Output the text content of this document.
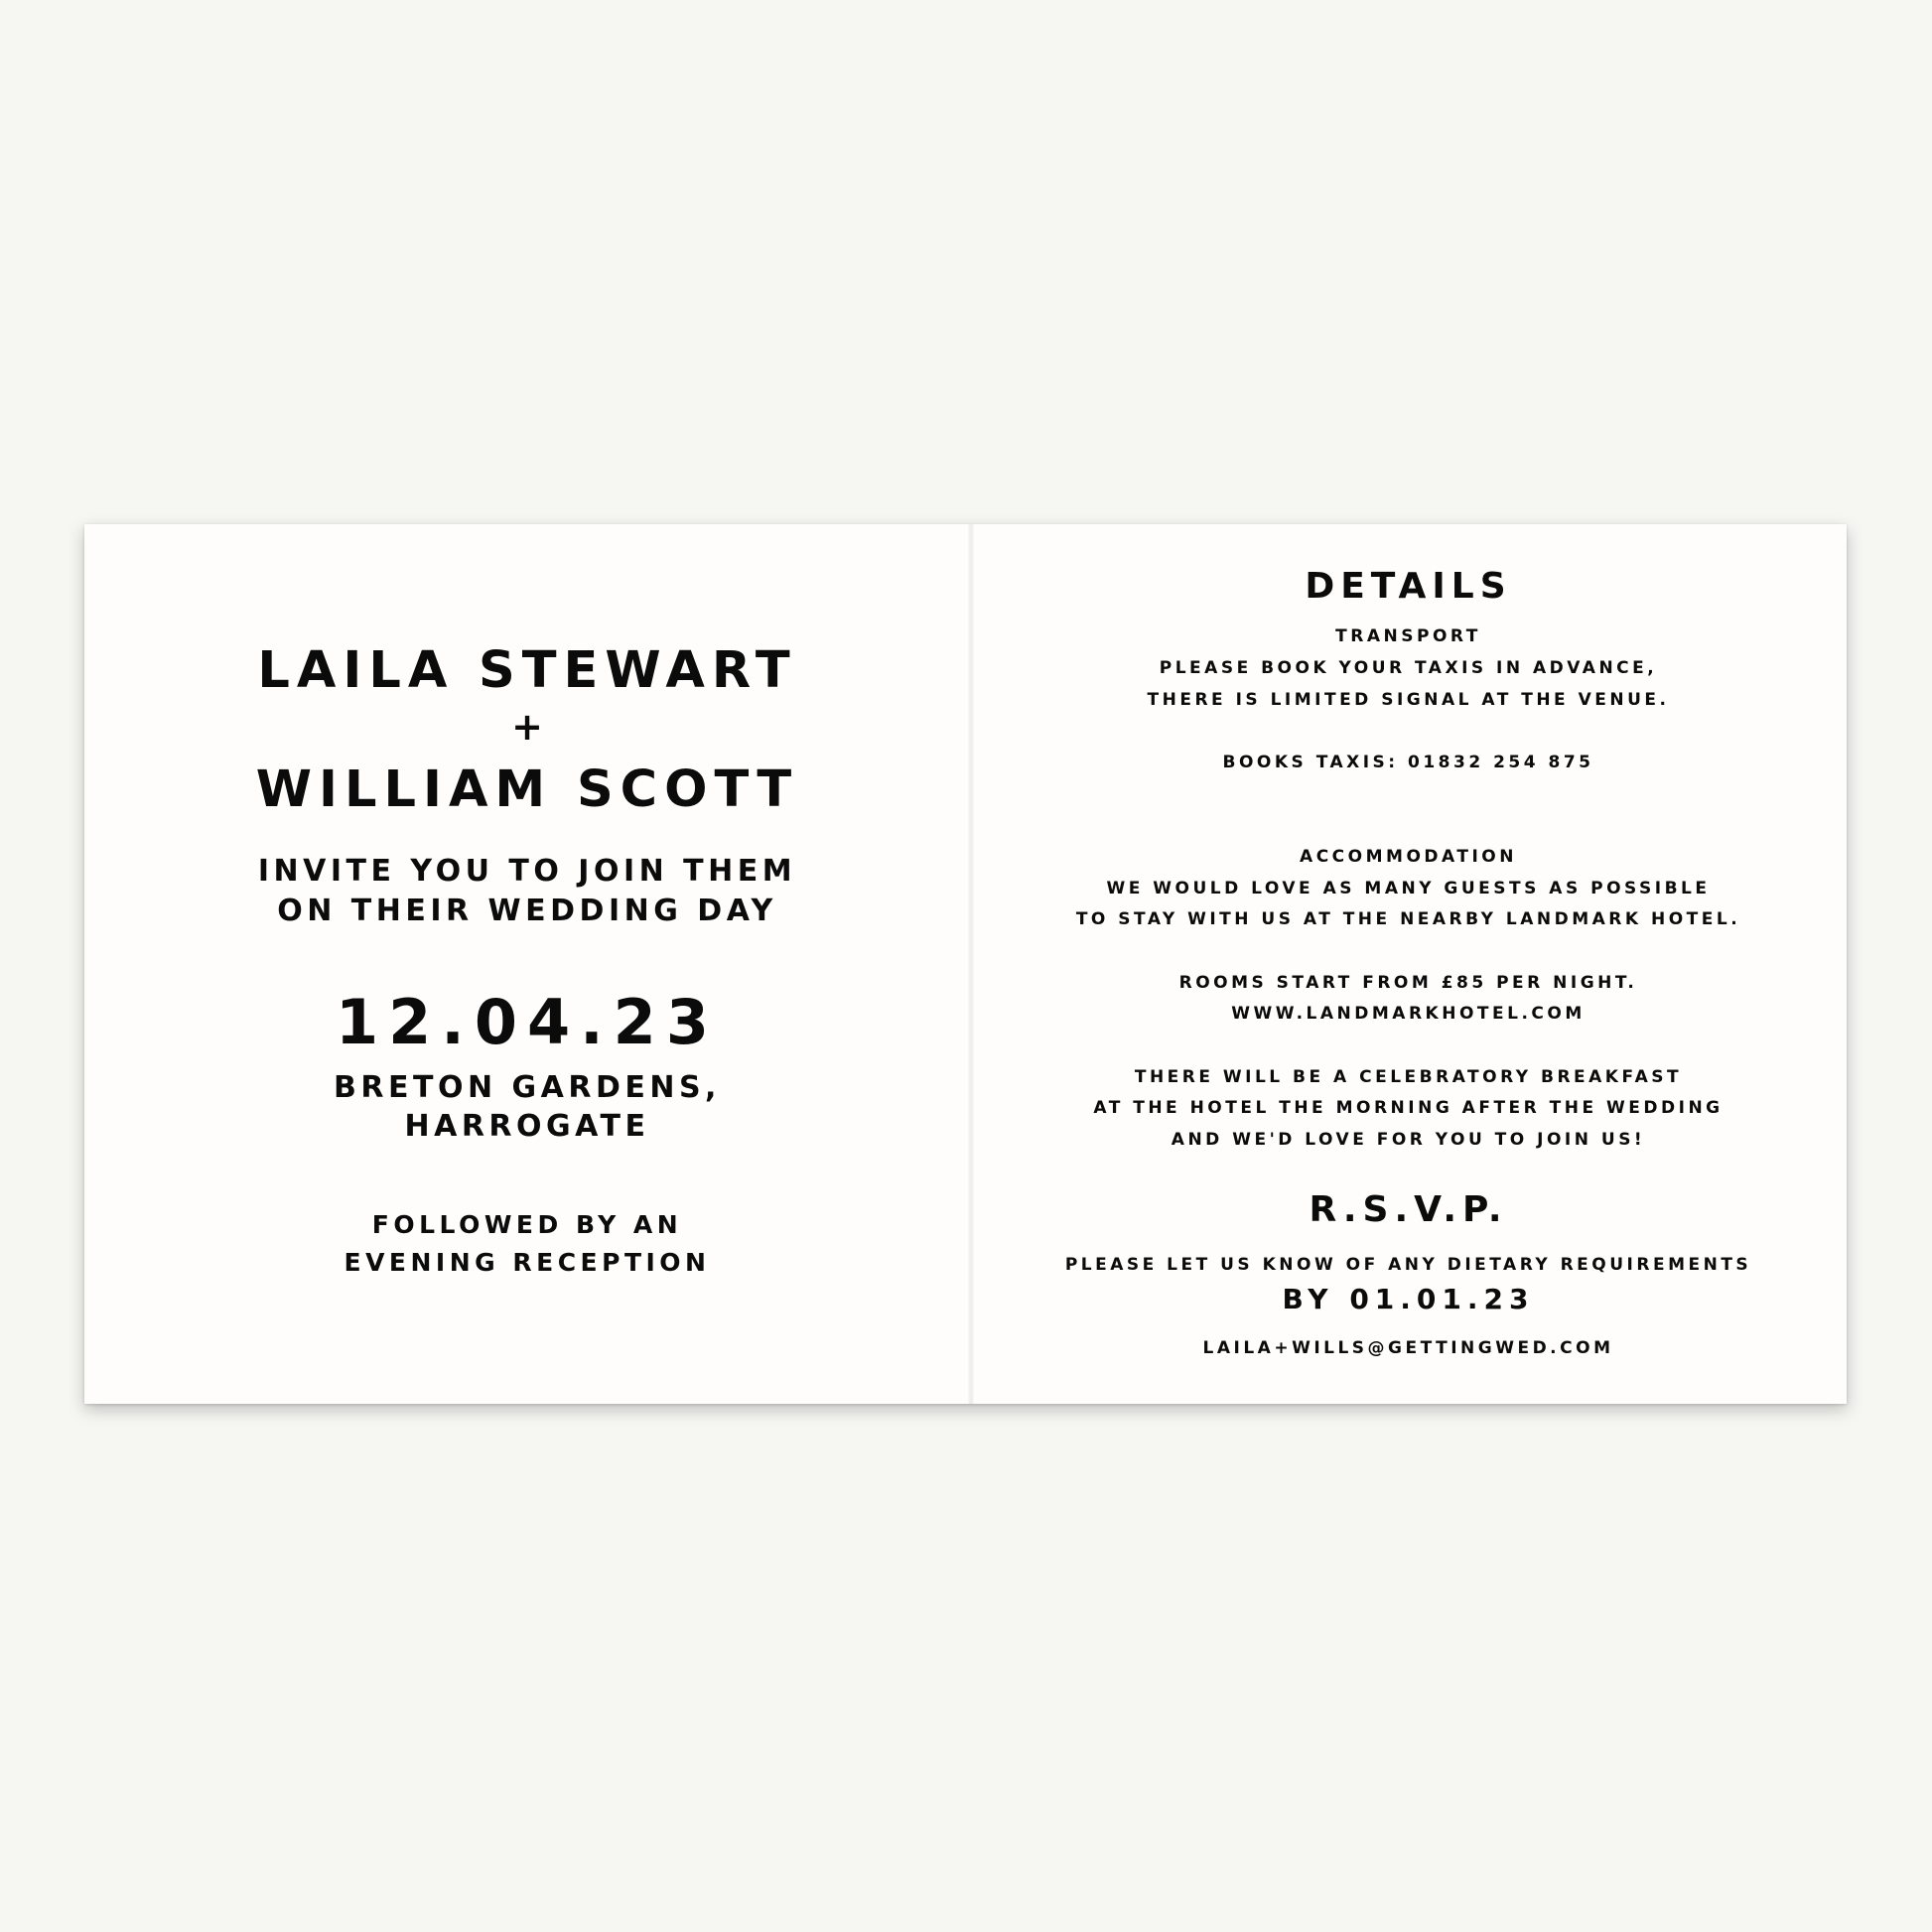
LAILA STEWART
+
WILLIAM SCOTT
INVITE YOU TO JOIN THEM
ON THEIR WEDDING DAY
12.04.23
BRETON GARDENS,
HARROGATE
FOLLOWED BY AN
EVENING RECEPTION
DETAILS
TRANSPORT
PLEASE BOOK YOUR TAXIS IN ADVANCE,
THERE IS LIMITED SIGNAL AT THE VENUE.
BOOKS TAXIS: 01832 254 875
ACCOMMODATION
WE WOULD LOVE AS MANY GUESTS AS POSSIBLE
TO STAY WITH US AT THE NEARBY LANDMARK HOTEL.
ROOMS START FROM £85 PER NIGHT.
WWW.LANDMARKHOTEL.COM
THERE WILL BE A CELEBRATORY BREAKFAST
AT THE HOTEL THE MORNING AFTER THE WEDDING
AND WE'D LOVE FOR YOU TO JOIN US!
R.S.V.P.
PLEASE LET US KNOW OF ANY DIETARY REQUIREMENTS
BY 01.01.23
LAILA+WILLS@GETTINGWED.COM
